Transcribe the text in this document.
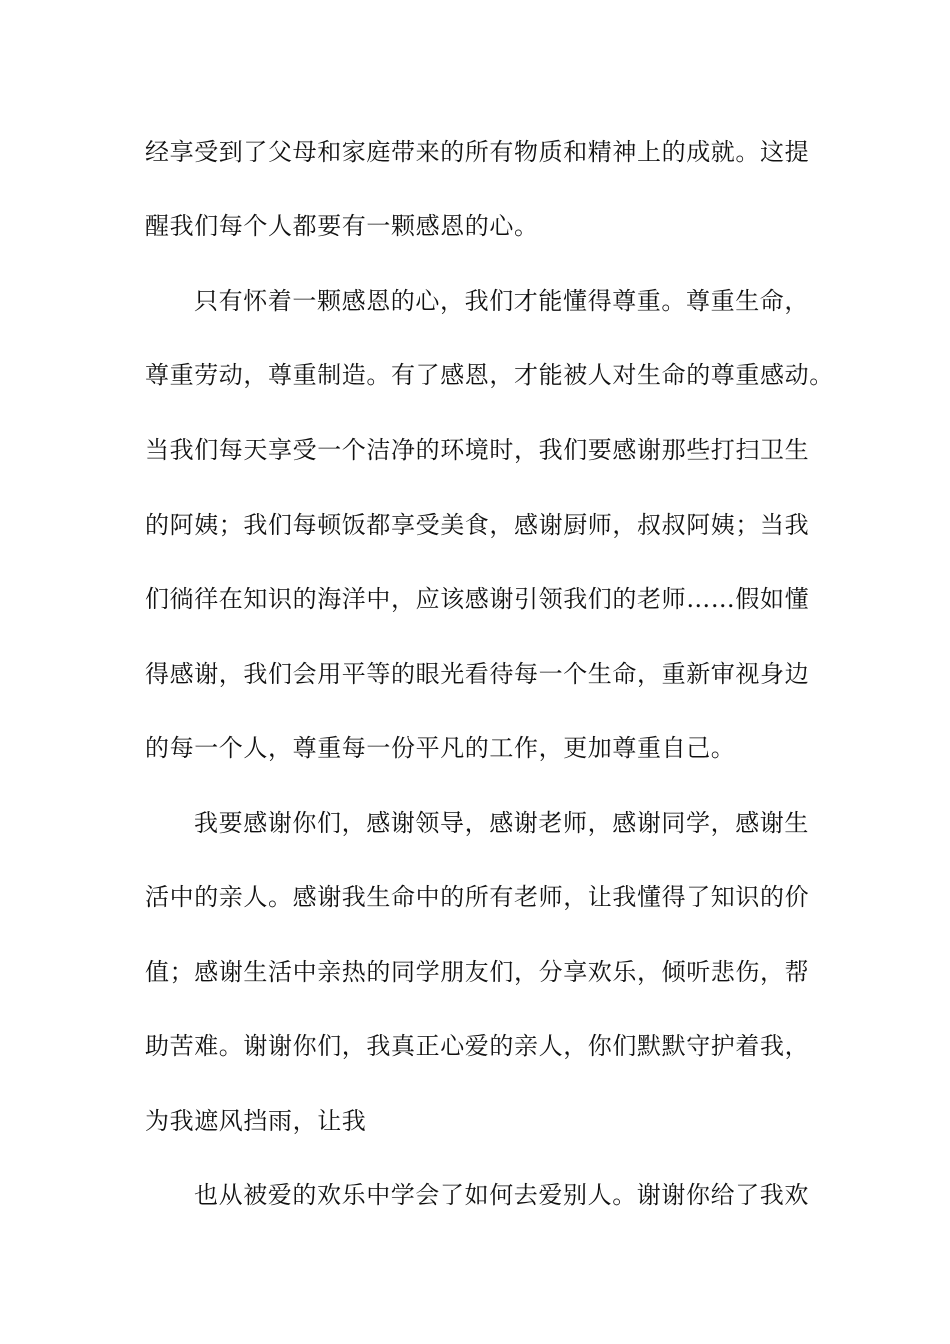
经享受到了父母和家庭带来的所有物质和精神上的成就。这提

醒我们每个人都要有一颗感恩的心。

只有怀着一颗感恩的心，我们才能懂得尊重。尊重生命，

尊重劳动，尊重制造。有了感恩，才能被人对生命的尊重感动。

当我们每天享受一个洁净的环境时，我们要感谢那些打扫卫生

的阿姨；我们每顿饭都享受美食，感谢厨师，叔叔阿姨；当我

们徜徉在知识的海洋中，应该感谢引领我们的老师……假如懂

得感谢，我们会用平等的眼光看待每一个生命，重新审视身边

的每一个人，尊重每一份平凡的工作，更加尊重自己。

我要感谢你们，感谢领导，感谢老师，感谢同学，感谢生

活中的亲人。感谢我生命中的所有老师，让我懂得了知识的价

值；感谢生活中亲热的同学朋友们，分享欢乐，倾听悲伤，帮

助苦难。谢谢你们，我真正心爱的亲人，你们默默守护着我，

为我遮风挡雨，让我

也从被爱的欢乐中学会了如何去爱别人。谢谢你给了我欢
